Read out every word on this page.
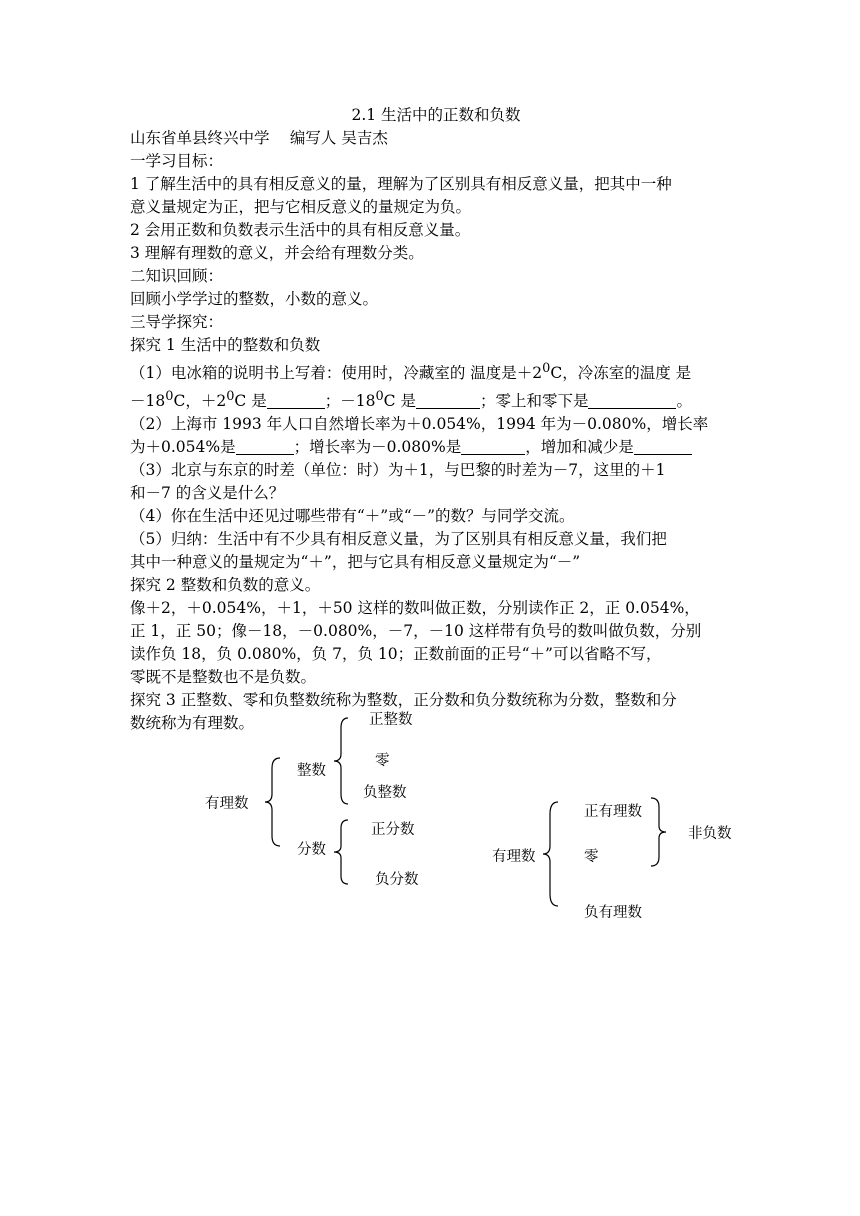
2.1 生活中的正数和负数

山东省单县终兴中学　 编写人 吴吉杰

一学习目标：

1 了解生活中的具有相反意义的量，理解为了区别具有相反意义量，把其中一种

意义量规定为正，把与它相反意义的量规定为负。

2 会用正数和负数表示生活中的具有相反意义量。

3 理解有理数的意义，并会给有理数分类。

二知识回顾：

回顾小学学过的整数，小数的意义。

三导学探究：

探究 1 生活中的整数和负数

（1）电冰箱的说明书上写着：使用时，冷藏室的 温度是$+2^0C$，冷冻室的温度 是

$-18^0C$，$+2^0C$ 是	；$-18^0C$ 是	；零上和零下是	。

（2）上海市 1993 年人口自然增长率为＋0.054%，1994 年为－0.080%，增长率

为＋0.054%是	；增长率为－0.080%是	，增加和减少是

（3）北京与东京的时差（单位：时）为＋1，与巴黎的时差为－7，这里的＋1

和－7 的含义是什么？

（4）你在生活中还见过哪些带有“＋”或“－”的数？与同学交流。

（5）归纳：生活中有不少具有相反意义量，为了区别具有相反意义量，我们把

其中一种意义的量规定为“＋”，把与它具有相反意义量规定为“－”

探究 2 整数和负数的意义。

像＋2，＋0.054%，＋1，＋50 这样的数叫做正数，分别读作正 2，正 0.054%，

正 1，正 50；像－18，－0.080%，－7，－10 这样带有负号的数叫做负数，分别

读作负 18，负 0.080%，负 7，负 10；正数前面的正号“＋”可以省略不写，

零既不是整数也不是负数。

探究 3 正整数、零和负整数统称为整数，正分数和负分数统称为分数，整数和分

数统称为有理数。

有理数
整数
分数
正整数
零
负整数
正分数
负分数
有理数
正有理数
零
负有理数
非负数
